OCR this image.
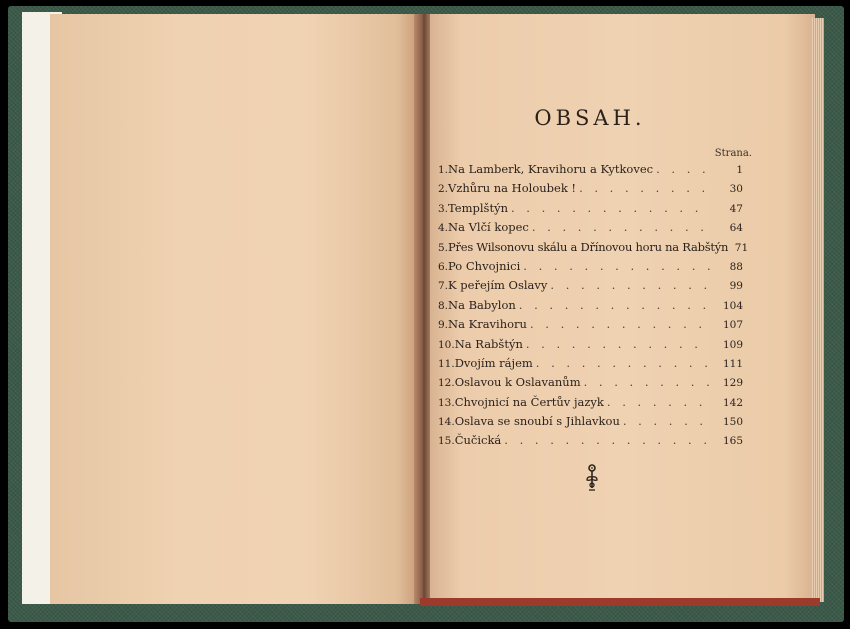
OBSAH.
Strana.
1. Na Lamberk, Kravihoru a Kytkovec . . .	1
2. Vzhůru na Holoubek ! . . .	30
3. Templštýn . . .	47
4. Na Vlčí kopec . . .	64
5. Přes Wilsonovu skálu a Dřínovou horu na Rabštýn 71
6. Po Chvojnici . . .	88
7. K peřejím Oslavy . . .	99
8. Na Babylon . . .	104
9. Na Kravihoru . . .	107
10. Na Rabštýn . . .	109
11. Dvojím rájem . . .	111
12. Oslavou k Oslavanům . . .	129
13. Chvojnicí na Čertův jazyk . . .	142
14. Oslava se snoubí s Jihlavkou . . .	150
15. Čučická . . .	165
